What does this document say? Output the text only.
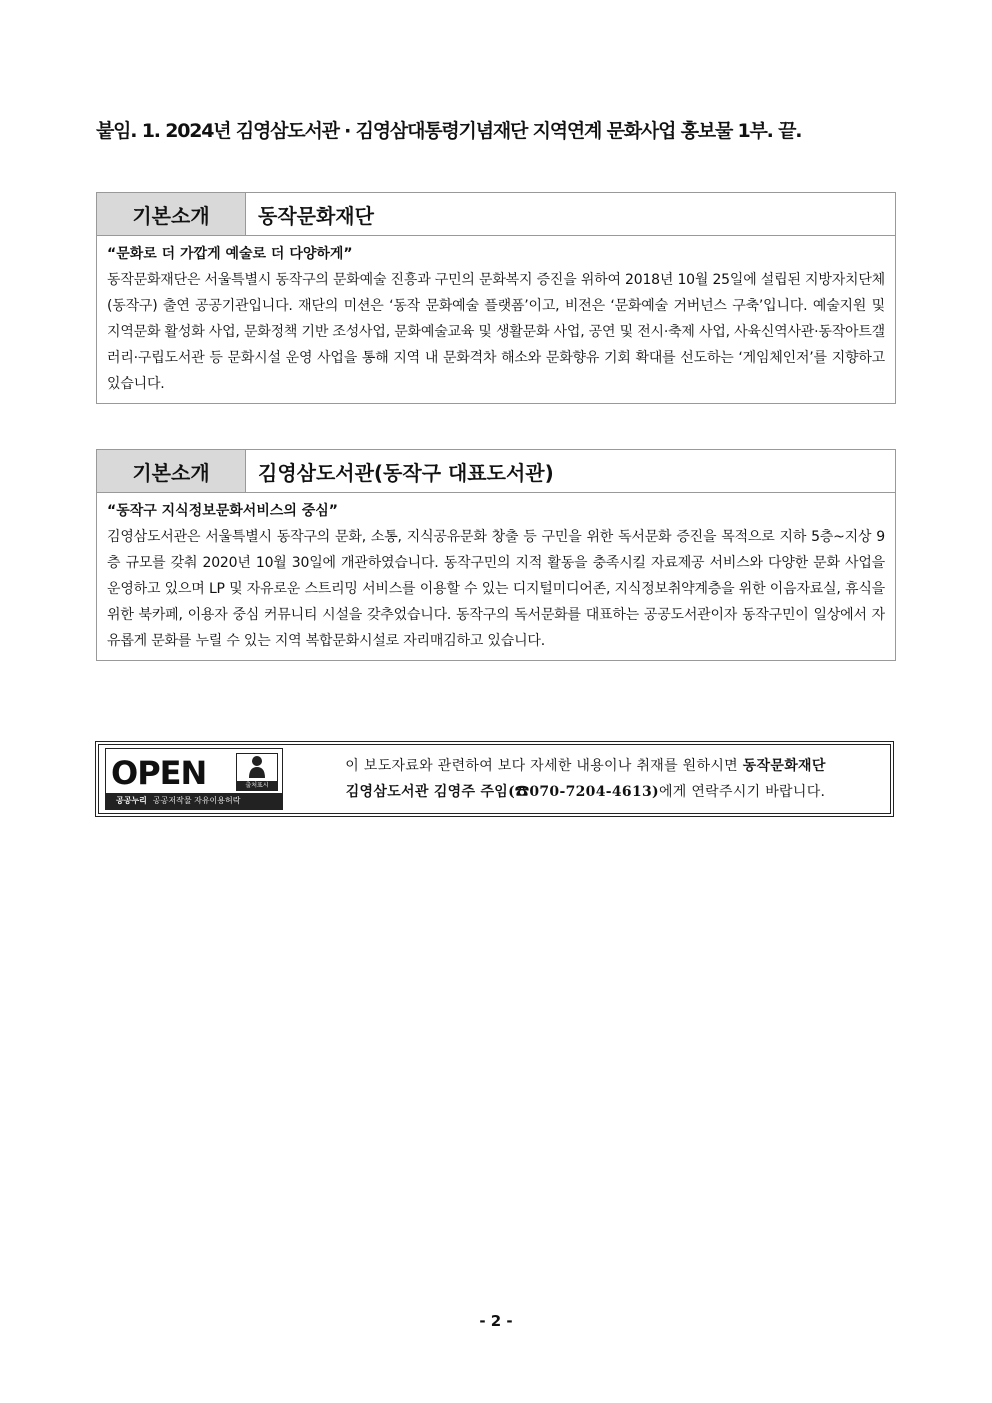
붙임. 1. 2024년 김영삼도서관 · 김영삼대통령기념재단 지역연계 문화사업 홍보물 1부. 끝.
기본소개	동작문화재단
“문화로 더 가깝게 예술로 더 다양하게”
동작문화재단은 서울특별시 동작구의 문화예술 진흥과 구민의 문화복지 증진을 위하여 2018년 10월 25일에 설립된 지방자치단체(동작구) 출연 공공기관입니다. 재단의 미션은 ‘동작 문화예술 플랫폼’이고, 비전은 ‘문화예술 거버넌스 구축’입니다. 예술지원 및 지역문화 활성화 사업, 문화정책 기반 조성사업, 문화예술교육 및 생활문화 사업, 공연 및 전시·축제 사업, 사육신역사관·동작아트갤러리·구립도서관 등 문화시설 운영 사업을 통해 지역 내 문화격차 해소와 문화향유 기회 확대를 선도하는 ‘게임체인저’를 지향하고 있습니다.
기본소개	김영삼도서관(동작구 대표도서관)
“동작구 지식정보문화서비스의 중심”
김영삼도서관은 서울특별시 동작구의 문화, 소통, 지식공유문화 창출 등 구민을 위한 독서문화 증진을 목적으로 지하 5층~지상 9층 규모를 갖춰 2020년 10월 30일에 개관하였습니다. 동작구민의 지적 활동을 충족시킬 자료제공 서비스와 다양한 문화 사업을 운영하고 있으며 LP 및 자유로운 스트리밍 서비스를 이용할 수 있는 디지털미디어존, 지식정보취약계층을 위한 이음자료실, 휴식을 위한 북카페, 이용자 중심 커뮤니티 시설을 갖추었습니다. 동작구의 독서문화를 대표하는 공공도서관이자 동작구민이 일상에서 자유롭게 문화를 누릴 수 있는 지역 복합문화시설로 자리매김하고 있습니다.
OPEN	출처표시
공공누리 공공저작물 자유이용허락
이 보도자료와 관련하여 보다 자세한 내용이나 취재를 원하시면 동작문화재단
김영삼도서관 김영주 주임(☎070-7204-4613)에게 연락주시기 바랍니다.
- 2 -
